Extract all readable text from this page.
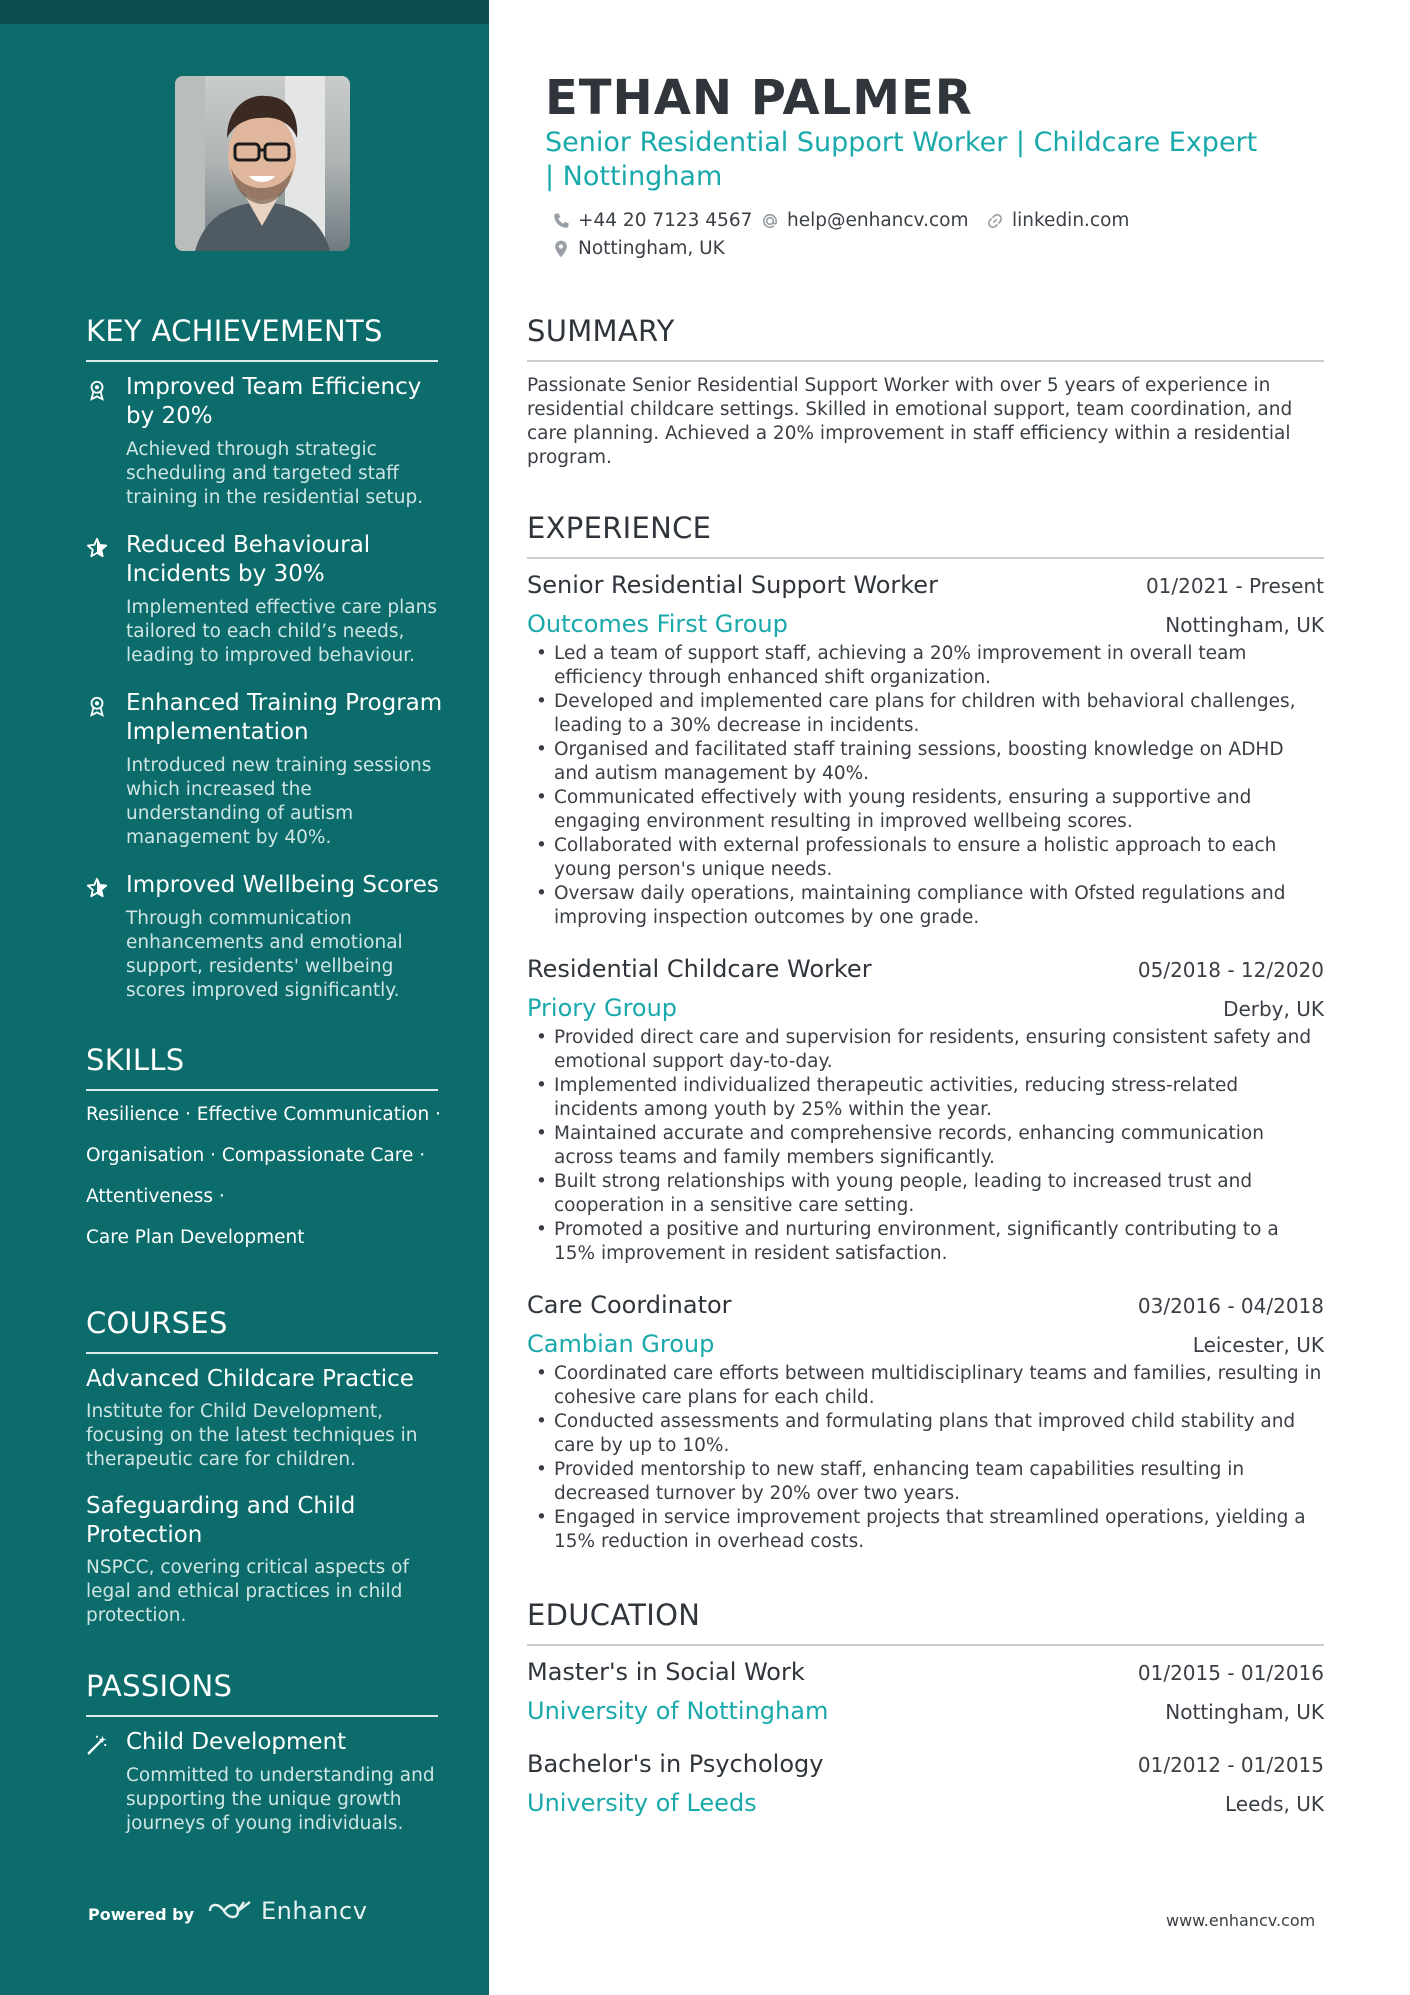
KEY ACHIEVEMENTS
Improved Team Efficiency by 20%
Achieved through strategic scheduling and targeted staff training in the residential setup.
Reduced Behavioural Incidents by 30%
Implemented effective care plans tailored to each child’s needs, leading to improved behaviour.
Enhanced Training Program Implementation
Introduced new training sessions which increased the understanding of autism management by 40%.
Improved Wellbeing Scores
Through communication enhancements and emotional support, residents' wellbeing scores improved significantly.
SKILLS
Resilience · Effective Communication ·
Organisation · Compassionate Care ·
Attentiveness ·
Care Plan Development
COURSES
Advanced Childcare Practice
Institute for Child Development, focusing on the latest techniques in therapeutic care for children.
Safeguarding and Child Protection
NSPCC, covering critical aspects of legal and ethical practices in child protection.
PASSIONS
Child Development
Committed to understanding and supporting the unique growth journeys of young individuals.
Powered by	Enhancv
ETHAN PALMER
Senior Residential Support Worker | Childcare Expert | Nottingham
+44 20 7123 4567 help@enhancv.com linkedin.com
Nottingham, UK
SUMMARY
Passionate Senior Residential Support Worker with over 5 years of experience in residential childcare settings. Skilled in emotional support, team coordination, and care planning. Achieved a 20% improvement in staff efficiency within a residential program.
EXPERIENCE
Senior Residential Support Worker	01/2021 - Present
Outcomes First Group	Nottingham, UK
• Led a team of support staff, achieving a 20% improvement in overall team efficiency through enhanced shift organization.
• Developed and implemented care plans for children with behavioral challenges, leading to a 30% decrease in incidents.
• Organised and facilitated staff training sessions, boosting knowledge on ADHD and autism management by 40%.
• Communicated effectively with young residents, ensuring a supportive and engaging environment resulting in improved wellbeing scores.
• Collaborated with external professionals to ensure a holistic approach to each young person's unique needs.
• Oversaw daily operations, maintaining compliance with Ofsted regulations and improving inspection outcomes by one grade.
Residential Childcare Worker	05/2018 - 12/2020
Priory Group	Derby, UK
• Provided direct care and supervision for residents, ensuring consistent safety and emotional support day-to-day.
• Implemented individualized therapeutic activities, reducing stress-related incidents among youth by 25% within the year.
• Maintained accurate and comprehensive records, enhancing communication across teams and family members significantly.
• Built strong relationships with young people, leading to increased trust and cooperation in a sensitive care setting.
• Promoted a positive and nurturing environment, significantly contributing to a 15% improvement in resident satisfaction.
Care Coordinator	03/2016 - 04/2018
Cambian Group	Leicester, UK
• Coordinated care efforts between multidisciplinary teams and families, resulting in cohesive care plans for each child.
• Conducted assessments and formulating plans that improved child stability and care by up to 10%.
• Provided mentorship to new staff, enhancing team capabilities resulting in decreased turnover by 20% over two years.
• Engaged in service improvement projects that streamlined operations, yielding a 15% reduction in overhead costs.
EDUCATION
Master's in Social Work	01/2015 - 01/2016
University of Nottingham	Nottingham, UK
Bachelor's in Psychology	01/2012 - 01/2015
University of Leeds	Leeds, UK
www.enhancv.com
